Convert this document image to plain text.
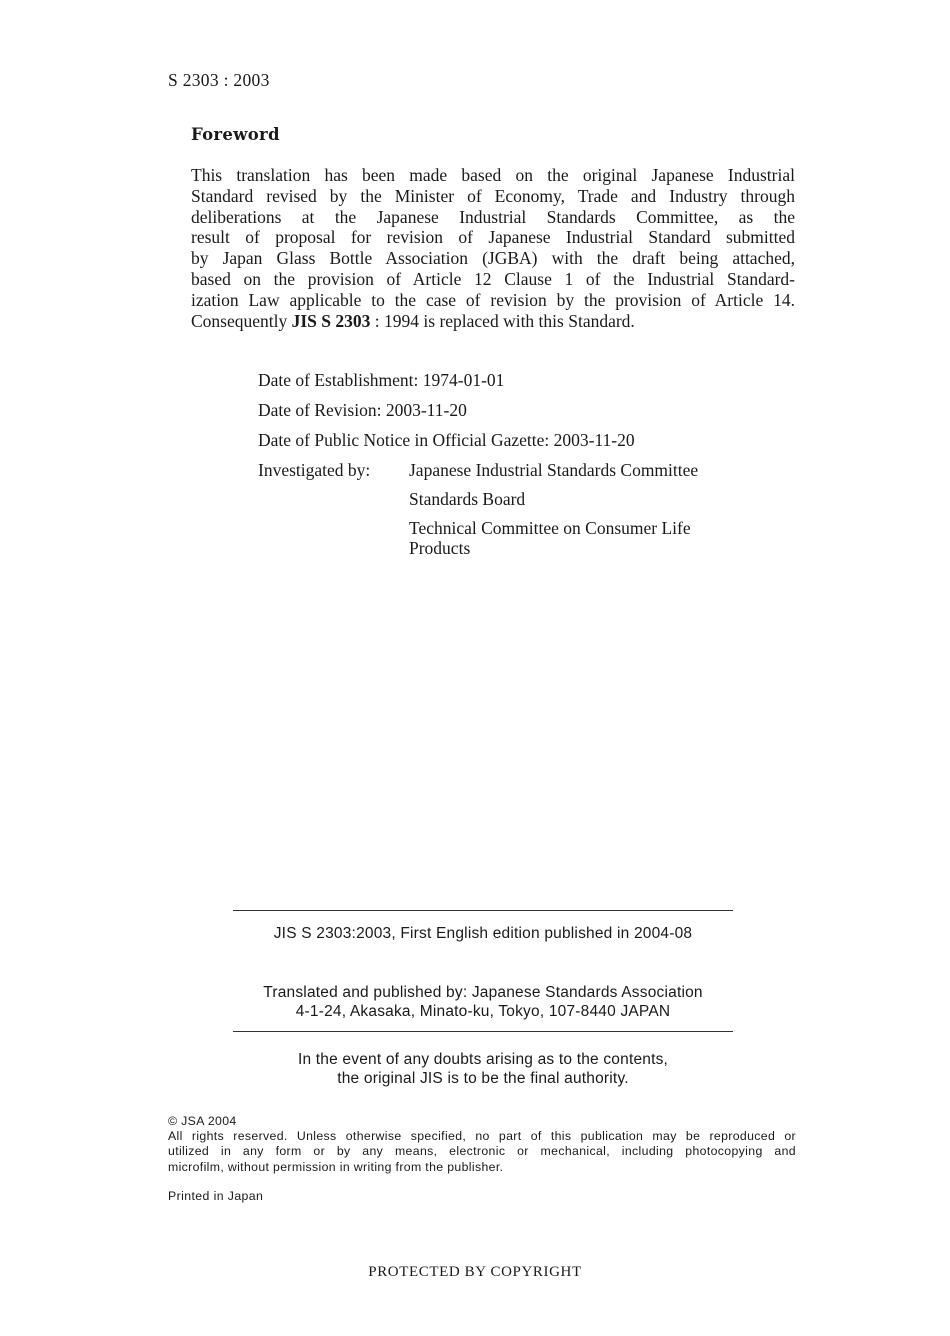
S 2303 : 2003
Foreword
This translation has been made based on the original Japanese Industrial
Standard revised by the Minister of Economy, Trade and Industry through
deliberations at the Japanese Industrial Standards Committee, as the
result of proposal for revision of Japanese Industrial Standard submitted
by Japan Glass Bottle Association (JGBA) with the draft being attached,
based on the provision of Article 12 Clause 1 of the Industrial Standard-
ization Law applicable to the case of revision by the provision of Article 14.
Consequently JIS S 2303 : 1994 is replaced with this Standard.
Date of Establishment: 1974-01-01
Date of Revision: 2003-11-20
Date of Public Notice in Official Gazette: 2003-11-20
Investigated by: Japanese Industrial Standards Committee
Standards Board
Technical Committee on Consumer Life
Products
JIS S 2303:2003, First English edition published in 2004-08
Translated and published by: Japanese Standards Association
4-1-24, Akasaka, Minato-ku, Tokyo, 107-8440 JAPAN
In the event of any doubts arising as to the contents,
the original JIS is to be the final authority.
© JSA 2004
All rights reserved. Unless otherwise specified, no part of this publication may be reproduced or
utilized in any form or by any means, electronic or mechanical, including photocopying and
microfilm, without permission in writing from the publisher.
Printed in Japan
PROTECTED BY COPYRIGHT
